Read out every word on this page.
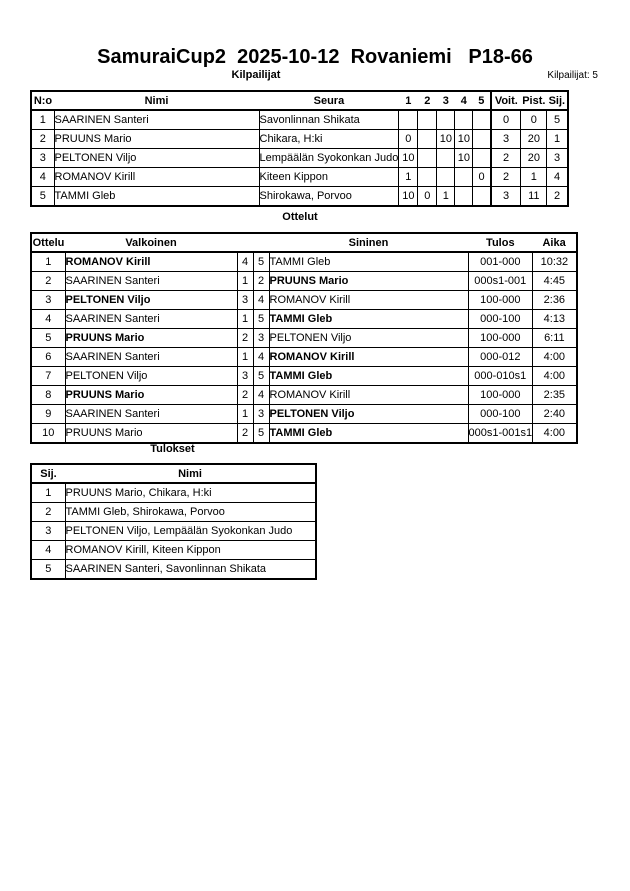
SamuraiCup2  2025-10-12  Rovaniemi   P18-66
Kilpailijat	Kilpailijat: 5
N:o	Nimi	Seura	1	2	3	4	5	Voit.	Pist.	Sij.
1	SAARINEN Santeri	Savonlinnan Shikata						0	0	5
2	PRUUNS Mario	Chikara, H:ki	0		10	10		3	20	1
3	PELTONEN Viljo	Lempäälän Syokonkan Judo	10			10		2	20	3
4	ROMANOV Kirill	Kiteen Kippon	1				0	2	1	4
5	TAMMI Gleb	Shirokawa, Porvoo	10	0	1			3	11	2
Ottelut
Ottelu	Valkoinen			Sininen	Tulos	Aika
1	ROMANOV Kirill	4	5	TAMMI Gleb	001-000	10:32
2	SAARINEN Santeri	1	2	PRUUNS Mario	000s1-001	4:45
3	PELTONEN Viljo	3	4	ROMANOV Kirill	100-000	2:36
4	SAARINEN Santeri	1	5	TAMMI Gleb	000-100	4:13
5	PRUUNS Mario	2	3	PELTONEN Viljo	100-000	6:11
6	SAARINEN Santeri	1	4	ROMANOV Kirill	000-012	4:00
7	PELTONEN Viljo	3	5	TAMMI Gleb	000-010s1	4:00
8	PRUUNS Mario	2	4	ROMANOV Kirill	100-000	2:35
9	SAARINEN Santeri	1	3	PELTONEN Viljo	000-100	2:40
10	PRUUNS Mario	2	5	TAMMI Gleb	000s1-001s1	4:00
Tulokset
Sij.	Nimi
1	PRUUNS Mario, Chikara, H:ki
2	TAMMI Gleb, Shirokawa, Porvoo
3	PELTONEN Viljo, Lempäälän Syokonkan Judo
4	ROMANOV Kirill, Kiteen Kippon
5	SAARINEN Santeri, Savonlinnan Shikata
